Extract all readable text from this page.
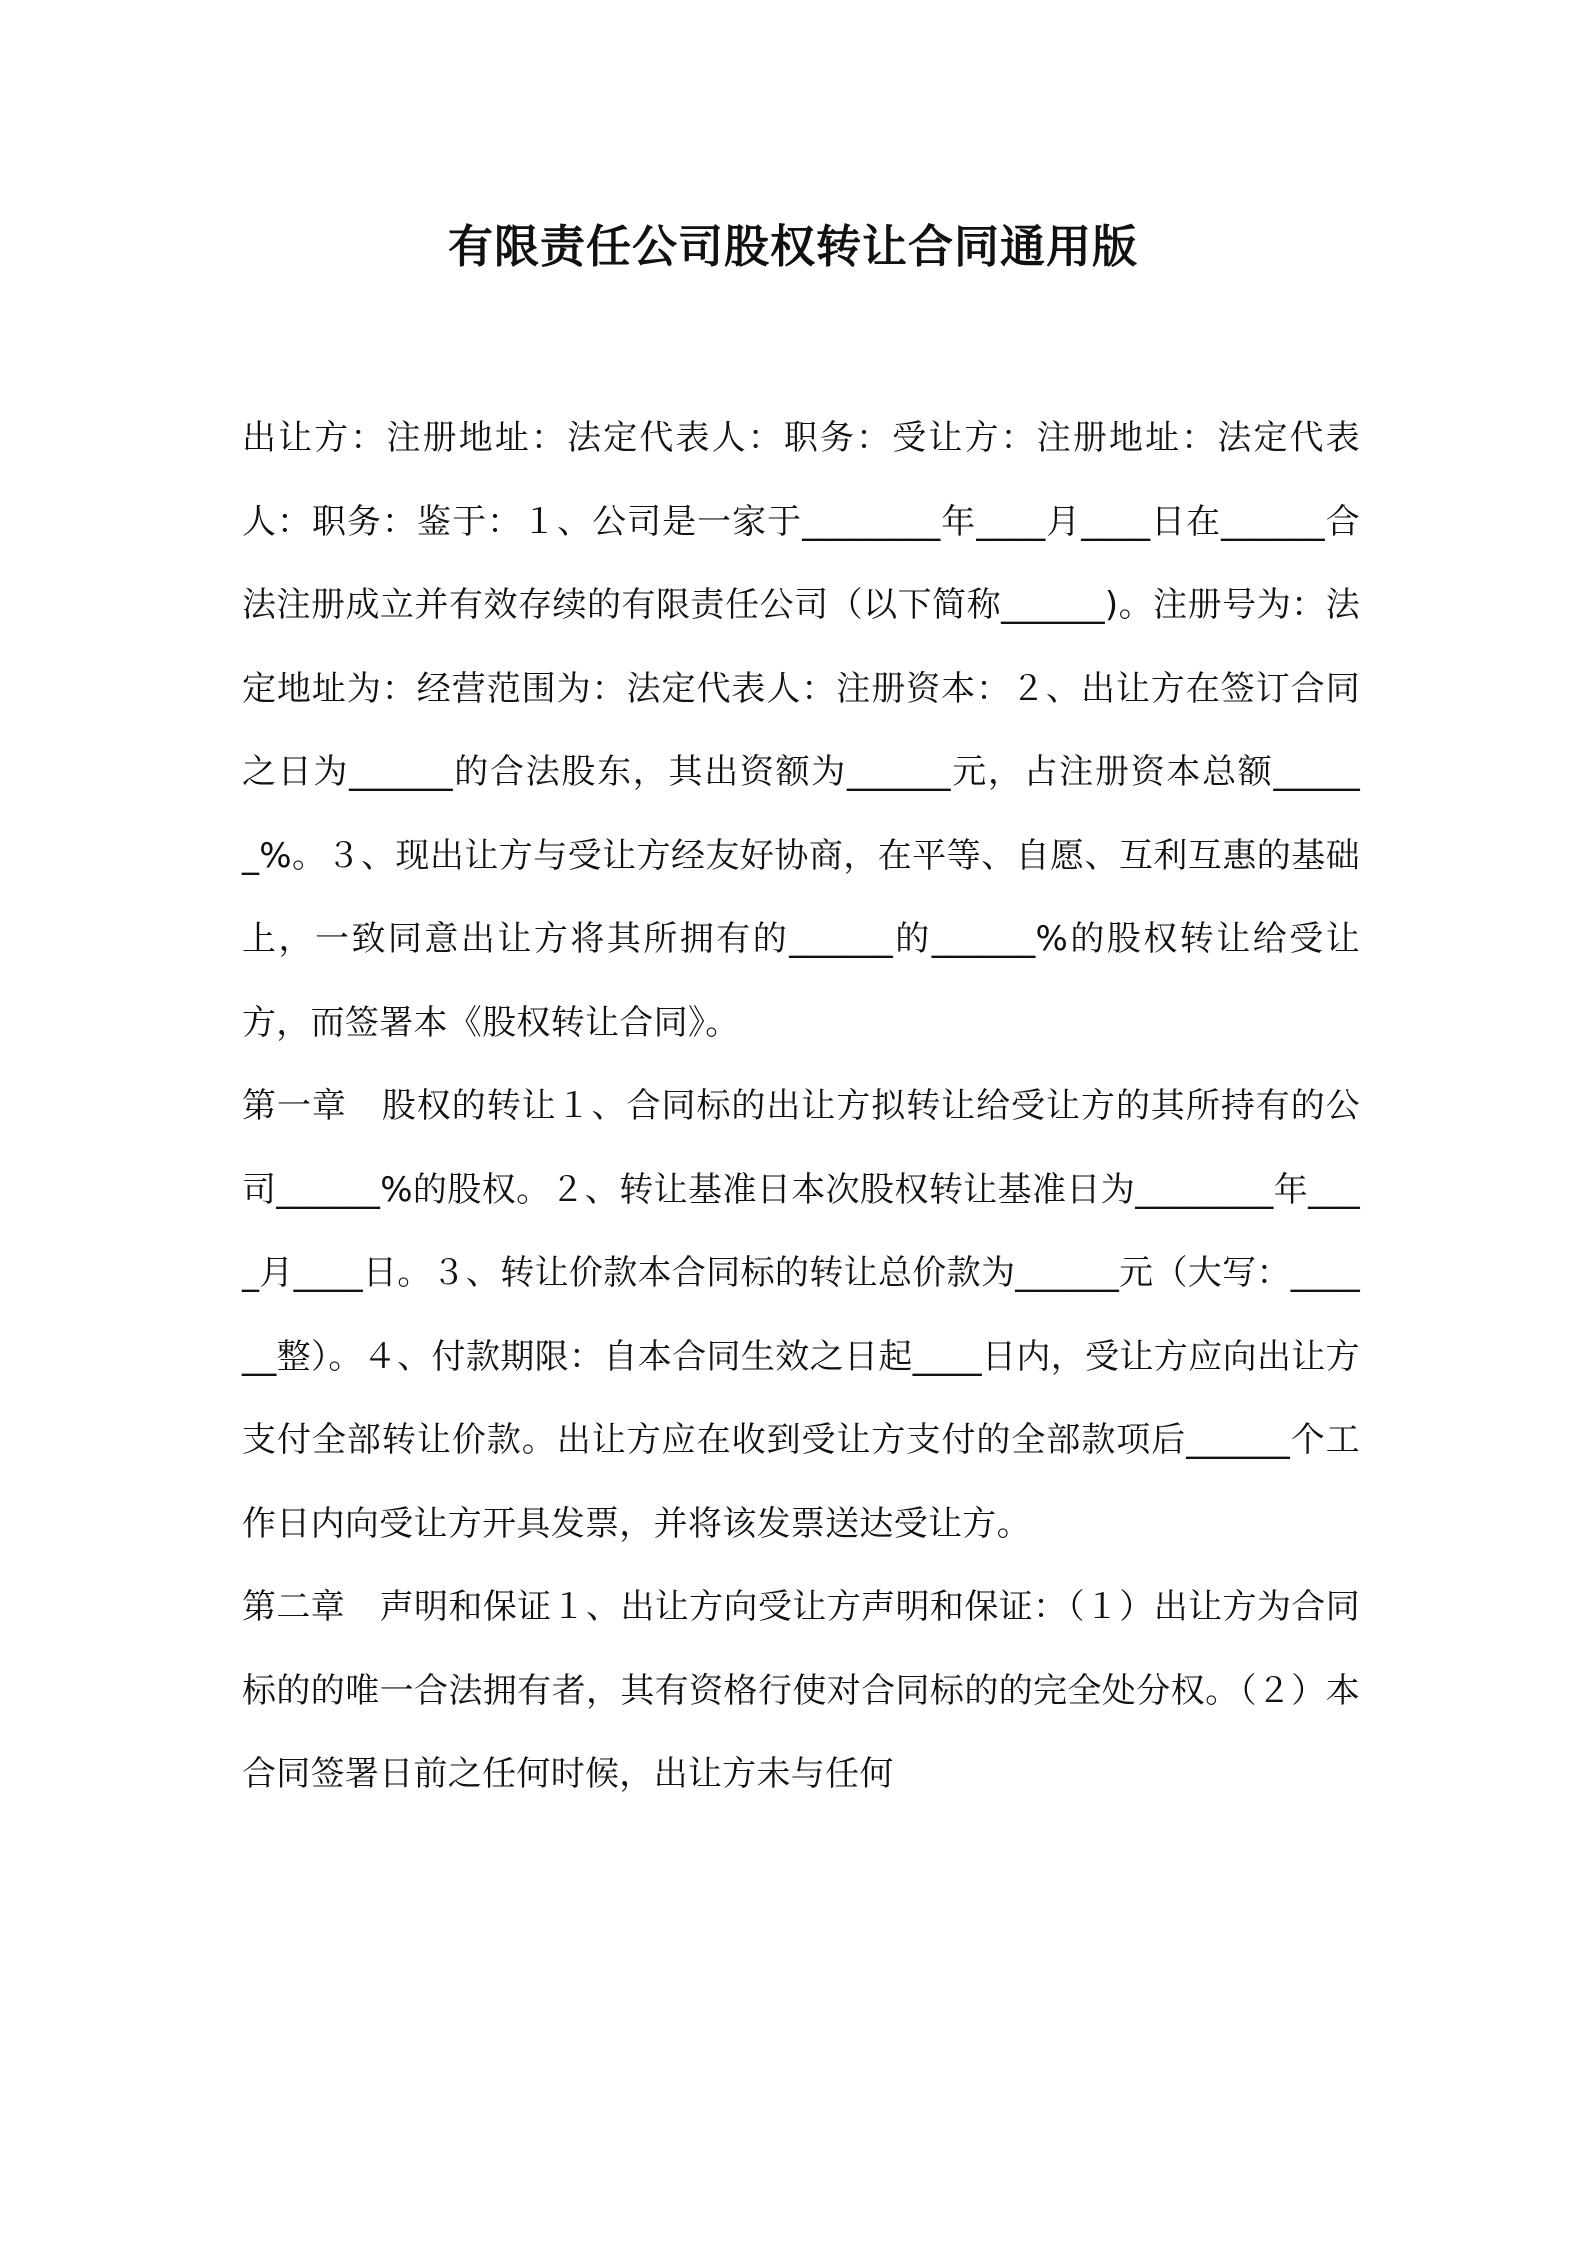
有限责任公司股权转让合同通用版

出让方：注册地址：法定代表人：职务：受让方：注册地址：法定代表人：职务：鉴于：１、公司是一家于________年____月____日在______合法注册成立并有效存续的有限责任公司（以下简称______)。注册号为：法定地址为：经营范围为：法定代表人：注册资本：２、出让方在签订合同之日为______的合法股东，其出资额为______元，占注册资本总额______%。３、现出让方与受让方经友好协商，在平等、自愿、互利互惠的基础上，一致同意出让方将其所拥有的______的______%的股权转让给受让方，而签署本《股权转让合同》。

第一章　股权的转让１、合同标的出让方拟转让给受让方的其所持有的公司______%的股权。２、转让基准日本次股权转让基准日为________年____月____日。３、转让价款本合同标的转让总价款为______元（大写：______整）。４、付款期限：自本合同生效之日起____日内，受让方应向出让方支付全部转让价款。出让方应在收到受让方支付的全部款项后______个工作日内向受让方开具发票，并将该发票送达受让方。

第二章　声明和保证１、出让方向受让方声明和保证：（１）出让方为合同标的的唯一合法拥有者，其有资格行使对合同标的的完全处分权。（２）本合同签署日前之任何时候，出让方未与任何
